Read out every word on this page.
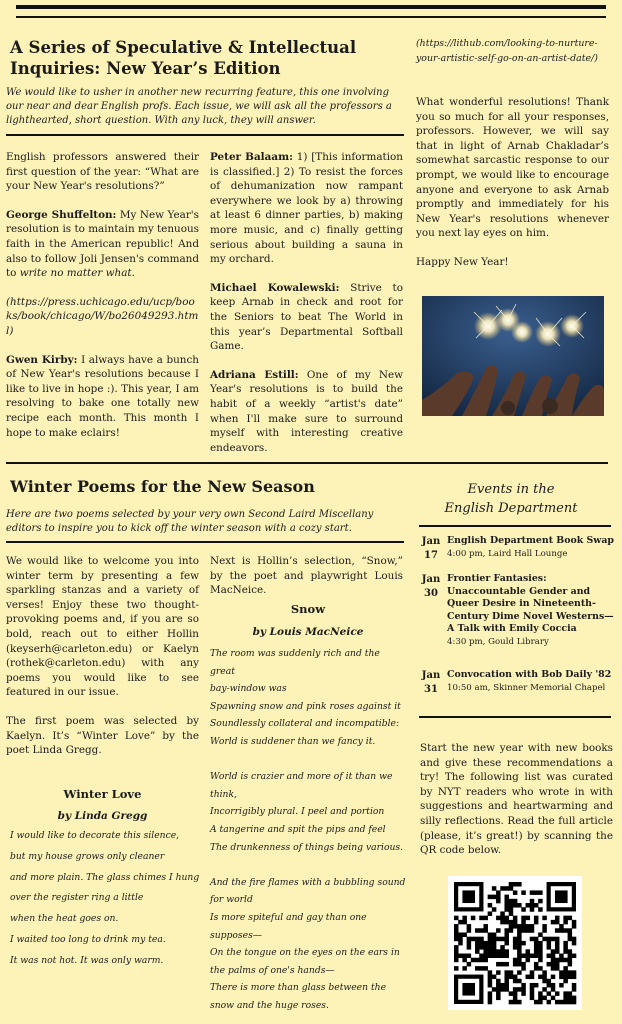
A Series of Speculative & Intellectual
Inquiries: New Year’s Edition
We would like to usher in another new recurring feature, this one involving our near and dear English profs. Each issue, we will ask all the professors a lighthearted, short question. With any luck, they will answer.

English professors answered their first question of the year: “What are your New Year's resolutions?”

George Shuffelton: My New Year's resolution is to maintain my tenuous faith in the American republic! And also to follow Joli Jensen's command to write no matter what.

(https://press.uchicago.edu/ucp/books/book/chicago/W/bo26049293.html)

Gwen Kirby: I always have a bunch of New Year's resolutions because I like to live in hope :). This year, I am resolving to bake one totally new recipe each month. This month I hope to make eclairs!

Peter Balaam: 1) [This information is classified.] 2) To resist the forces of dehumanization now rampant everywhere we look by a) throwing at least 6 dinner parties, b) making more music, and c) finally getting serious about building a sauna in my orchard.

Michael Kowalewski: Strive to keep Arnab in check and root for the Seniors to beat The World in this year’s Departmental Softball Game.

Adriana Estill: One of my New Year's resolutions is to build the habit of a weekly “artist's date” when I'll make sure to surround myself with interesting creative endeavors.

(https://lithub.com/looking-to-nurture-your-artistic-self-go-on-an-artist-date/)

What wonderful resolutions! Thank you so much for all your responses, professors. However, we will say that in light of Arnab Chakladar’s somewhat sarcastic response to our prompt, we would like to encourage anyone and everyone to ask Arnab promptly and immediately for his New Year's resolutions whenever you next lay eyes on him.

Happy New Year!

Winter Poems for the New Season
Here are two poems selected by your very own Second Laird Miscellany editors to inspire you to kick off the winter season with a cozy start.

We would like to welcome you into winter term by presenting a few sparkling stanzas and a variety of verses! Enjoy these two thought-provoking poems and, if you are so bold, reach out to either Hollin (keyserh@carleton.edu) or Kaelyn (rothek@carleton.edu) with any poems you would like to see featured in our issue.

The first poem was selected by Kaelyn. It’s “Winter Love” by the poet Linda Gregg.

Winter Love
by Linda Gregg
I would like to decorate this silence,
but my house grows only cleaner
and more plain. The glass chimes I hung
over the register ring a little
when the heat goes on.
I waited too long to drink my tea.
It was not hot. It was only warm.

Next is Hollin’s selection, “Snow,” by the poet and playwright Louis MacNeice.

Snow
by Louis MacNeice
The room was suddenly rich and the great
bay-window was
Spawning snow and pink roses against it
Soundlessly collateral and incompatible:
World is suddener than we fancy it.

World is crazier and more of it than we
think,
Incorrigibly plural. I peel and portion
A tangerine and spit the pips and feel
The drunkenness of things being various.

And the fire flames with a bubbling sound
for world
Is more spiteful and gay than one
supposes—
On the tongue on the eyes on the ears in
the palms of one's hands—
There is more than glass between the
snow and the huge roses.
Events in the
English Department
Jan
17
English Department Book Swap
4:00 pm, Laird Hall Lounge
Jan
30
Frontier Fantasies: Unaccountable Gender and Queer Desire in Nineteenth-Century Dime Novel Westerns—A Talk with Emily Coccia
4:30 pm, Gould Library
Jan
31
Convocation with Bob Daily '82
10:50 am, Skinner Memorial Chapel
Start the new year with new books and give these recommendations a try! The following list was curated by NYT readers who wrote in with suggestions and heartwarming and silly reflections. Read the full article (please, it’s great!) by scanning the QR code below.
